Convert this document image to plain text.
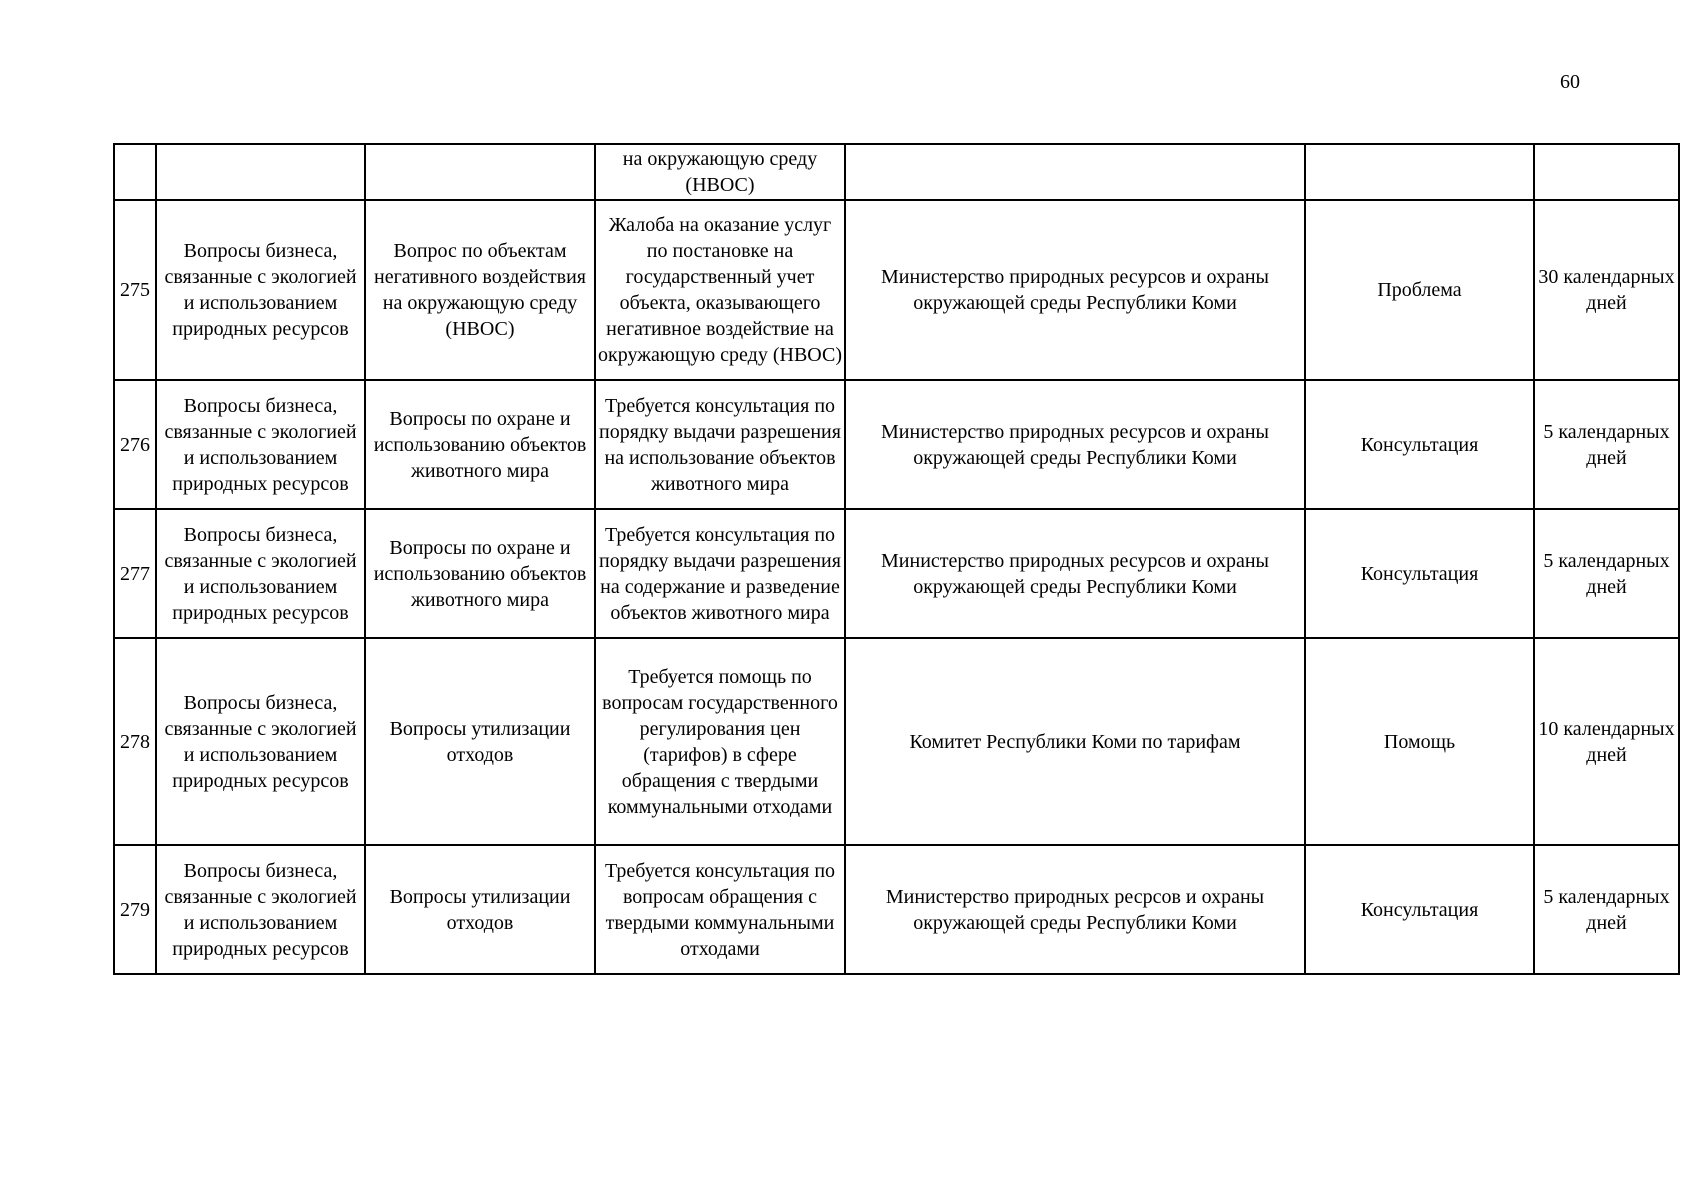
60
			на окружающую среду (НВОС)			
275	Вопросы бизнеса, связанные с экологией и использованием природных ресурсов	Вопрос по объектам негативного воздействия на окружающую среду (НВОС)	Жалоба на оказание услуг по постановке на государственный учет объекта, оказывающего негативное воздействие на окружающую среду (НВОС)	Министерство природных ресурсов и охраны окружающей среды Республики Коми	Проблема	30 календарных дней
276	Вопросы бизнеса, связанные с экологией и использованием природных ресурсов	Вопросы по охране и использованию объектов животного мира	Требуется консультация по порядку выдачи разрешения на использование объектов животного мира	Министерство природных ресурсов и охраны окружающей среды Республики Коми	Консультация	5 календарных дней
277	Вопросы бизнеса, связанные с экологией и использованием природных ресурсов	Вопросы по охране и использованию объектов животного мира	Требуется консультация по порядку выдачи разрешения на содержание и разведение объектов животного мира	Министерство природных ресурсов и охраны окружающей среды Республики Коми	Консультация	5 календарных дней
278	Вопросы бизнеса, связанные с экологией и использованием природных ресурсов	Вопросы утилизации отходов	Требуется помощь по вопросам государственного регулирования цен (тарифов) в сфере обращения с твердыми коммунальными отходами	Комитет Республики Коми по тарифам	Помощь	10 календарных дней
279	Вопросы бизнеса, связанные с экологией и использованием природных ресурсов	Вопросы утилизации отходов	Требуется консультация по вопросам обращения с твердыми коммунальными отходами	Министерство природных ресрсов и охраны окружающей среды Республики Коми	Консультация	5 календарных дней
